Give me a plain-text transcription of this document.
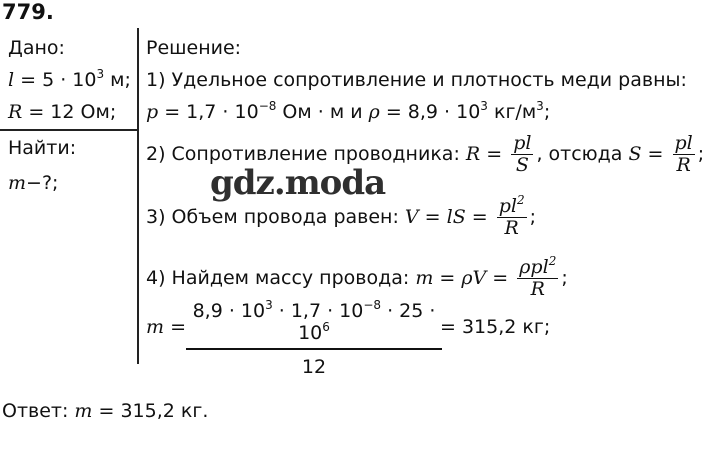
779.
Дано:
$l = 5 \cdot 10^3$ м;
R = 12 Ом;
Найти:
m−?;
Решение:
1) Удельное сопротивление и плотность меди равны:
$p = 1,7 \cdot 10^{-8}$ Ом · м и $\rho = 8,9 \cdot 10^3$ $кг/м^3$;
2) Сопротивление проводника: $R = \frac{pl}{S}$ , отсюда $S = \frac{pl}{R}$ ;
3) Объем провода равен: V = lS = $\frac{pl^2}{R}$ ;
4) Найдем массу провода: $m = \rho V = \frac{\rho pl^2}{R}$ ;
m =
$8,9 \cdot 10^3 \cdot 1,7 \cdot 10^{-8} \cdot 25 \cdot 10^6$
12
= 315,2 кг;
gdz.moda
Ответ: m = 315,2 кг.
